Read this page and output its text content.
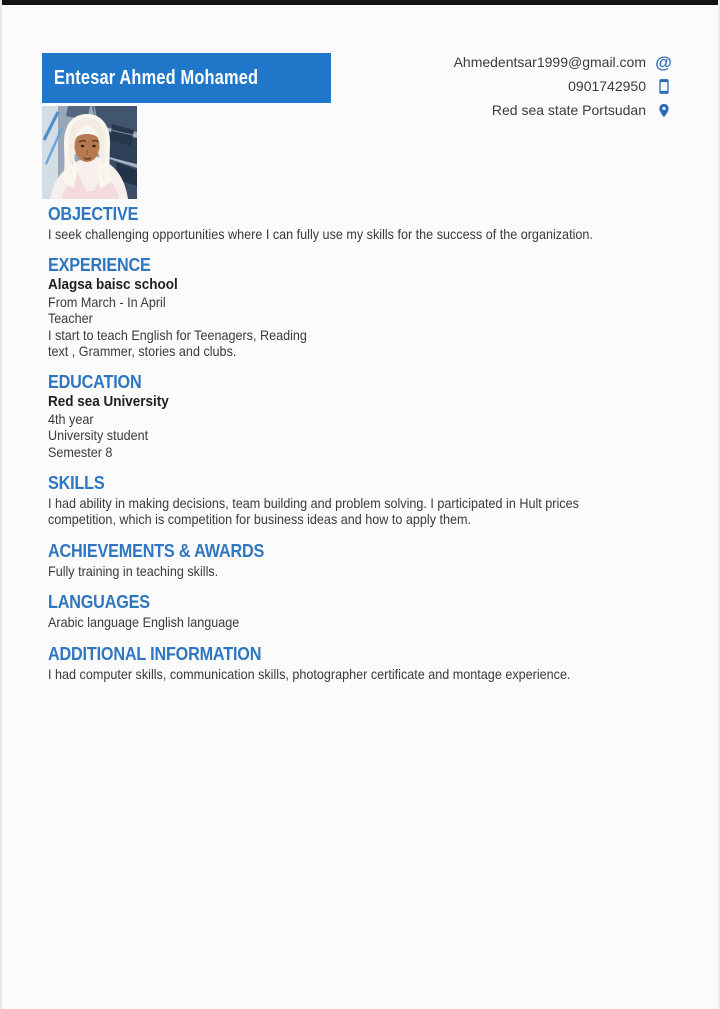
Entesar Ahmed Mohamed
Ahmedentsar1999@gmail.com @
0901742950
Red sea state Portsudan
OBJECTIVE
I seek challenging opportunities where I can fully use my skills for the success of the organization.
EXPERIENCE
Alagsa baisc school
From March - In April
Teacher
I start to teach English for Teenagers, Reading
text , Grammer, stories and clubs.
EDUCATION
Red sea University
4th year
University student
Semester 8
SKILLS
I had ability in making decisions, team building and problem solving. I participated in Hult prices
competition, which is competition for business ideas and how to apply them.
ACHIEVEMENTS & AWARDS
Fully training in teaching skills.
LANGUAGES
Arabic language English language
ADDITIONAL INFORMATION
I had computer skills, communication skills, photographer certificate and montage experience.
